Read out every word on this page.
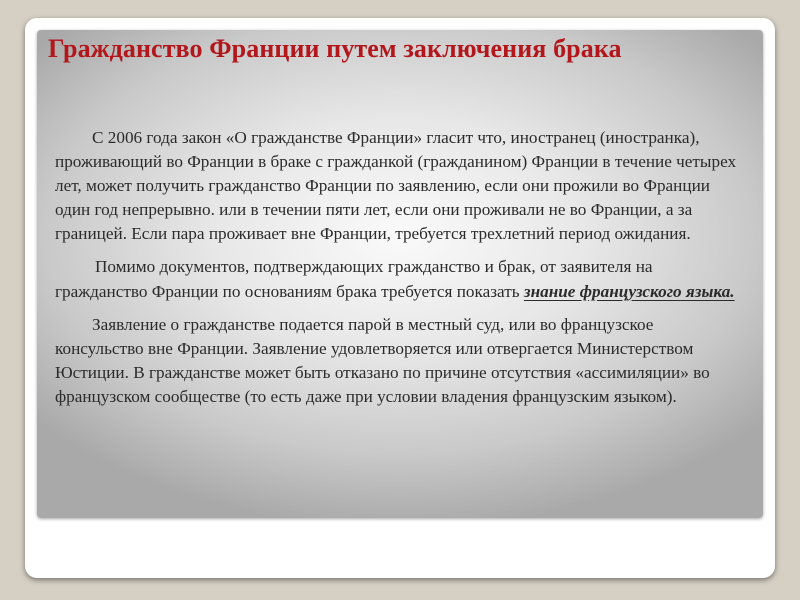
Гражданство Франции путем заключения брака

С 2006 года закон «О гражданстве Франции» гласит что, иностранец (иностранка), проживающий во Франции в браке с гражданкой (гражданином) Франции в течение четырех лет, может получить гражданство Франции по заявлению, если они прожили во Франции один год непрерывно. или в течении пяти лет, если они проживали не во Франции, а за границей. Если пара проживает вне Франции, требуется трехлетний период ожидания.

Помимо документов, подтверждающих гражданство и брак, от заявителя на гражданство Франции по основаниям брака требуется показать знание французского языка.

Заявление о гражданстве подается парой в местный суд, или во французское консульство вне Франции. Заявление удовлетворяется или отвергается Министерством Юстиции. В гражданстве может быть отказано по причине отсутствия «ассимиляции» во французском сообществе (то есть даже при условии владения французским языком).
